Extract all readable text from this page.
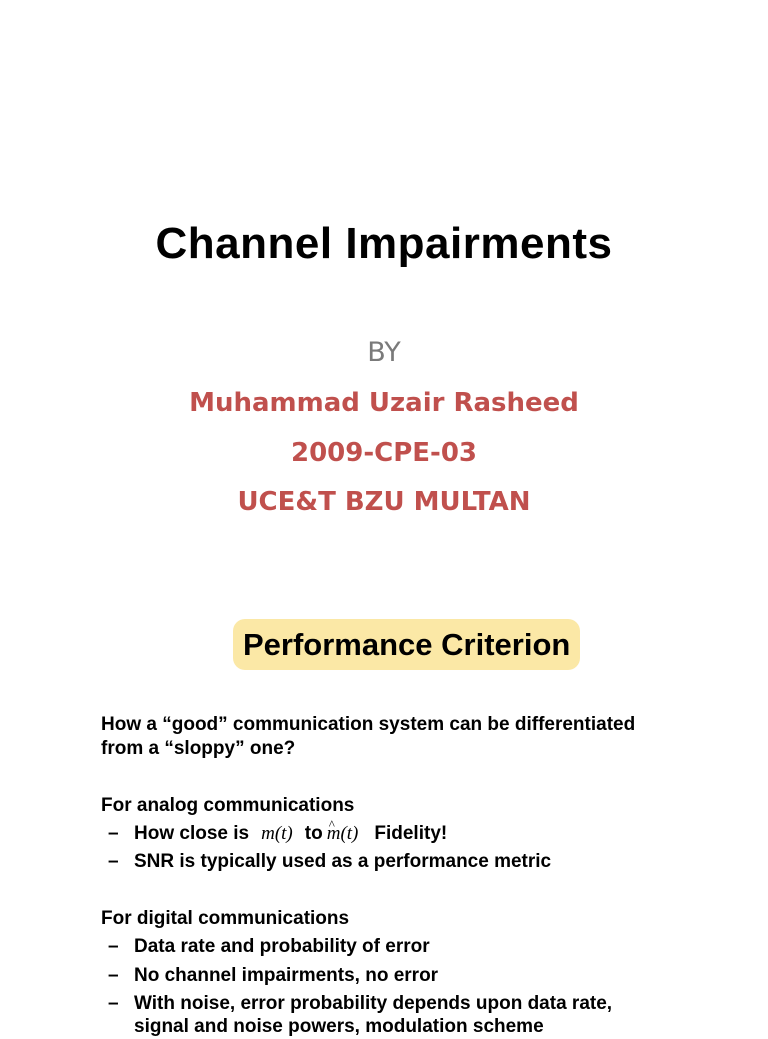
Channel Impairments
BY
Muhammad Uzair Rasheed
2009-CPE-03
UCE&T BZU MULTAN
Performance Criterion
How a “good” communication system can be differentiated
from a “sloppy” one?
For analog communications
– How close is m(t) to^ m(t) Fidelity!
– SNR is typically used as a performance metric
For digital communications
– Data rate and probability of error
– No channel impairments, no error
– With noise, error probability depends upon data rate,
signal and noise powers, modulation scheme
